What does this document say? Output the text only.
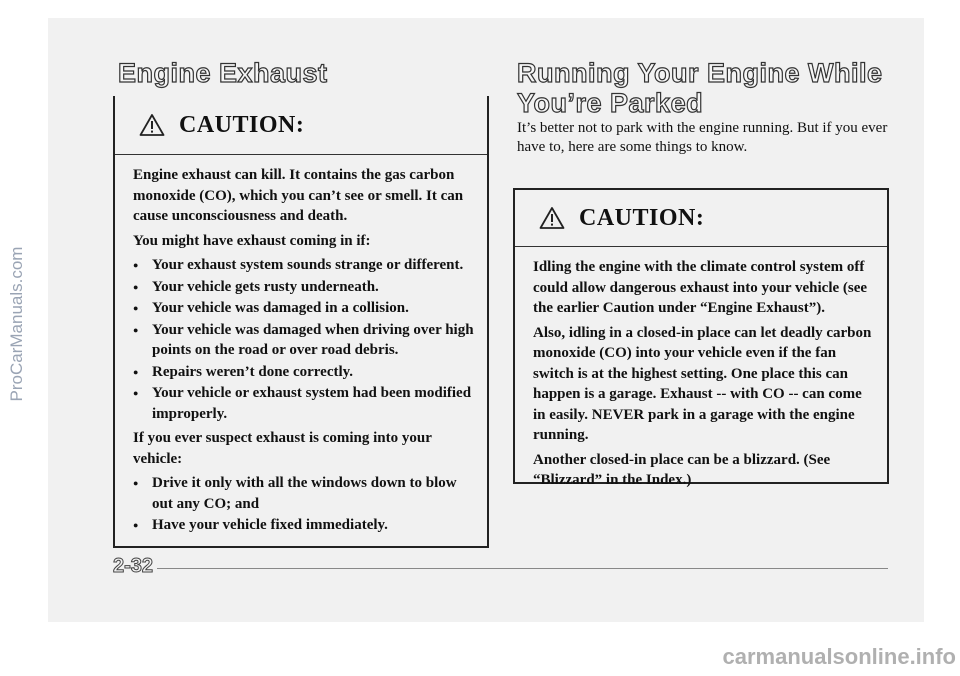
ProCarManuals.com
Engine Exhaust
CAUTION:

Engine exhaust can kill. It contains the gas carbon monoxide (CO), which you can’t see or smell. It can cause unconsciousness and death.

You might have exhaust coming in if:

● Your exhaust system sounds strange or different.
● Your vehicle gets rusty underneath.
● Your vehicle was damaged in a collision.
● Your vehicle was damaged when driving over high points on the road or over road debris.
● Repairs weren’t done correctly.
● Your vehicle or exhaust system had been modified improperly.

If you ever suspect exhaust is coming into your vehicle:

● Drive it only with all the windows down to blow out any CO; and
● Have your vehicle fixed immediately.
Running Your Engine While
You’re Parked
It’s better not to park with the engine running. But if you ever have to, here are some things to know.
CAUTION:

Idling the engine with the climate control system off could allow dangerous exhaust into your vehicle (see the earlier Caution under “Engine Exhaust”).

Also, idling in a closed-in place can let deadly carbon monoxide (CO) into your vehicle even if the fan switch is at the highest setting. One place this can happen is a garage. Exhaust -- with CO -- can come in easily. NEVER park in a garage with the engine running.

Another closed-in place can be a blizzard. (See “Blizzard” in the Index.)

2-32
carmanualsonline.info
